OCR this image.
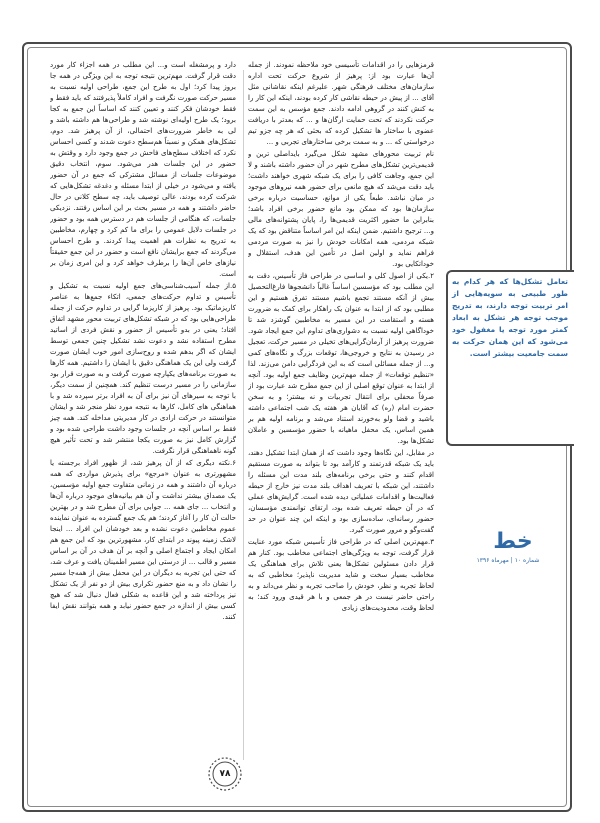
قرمزهایی را در اقدامات تأسیسی خود ملاحظه نمودند. از جمله آن‌ها عبارت بود از: پرهیز از شروع حرکت تحت اداره سازمان‌های مختلف فرهنگی شهر. علیرغم اینکه نقاشانی مثل آقای ... از پیش در حیطه نقاشی کار کرده بودند، اینکه این کار را به کنش کنند در گروهی ادامه دادند. جمع مؤسس به این سمت حرکت نکردند که تحت حمایت ارگان‌ها و ... که بعدتر با دریافت عضوی با ساختار ها تشکیل کرده که بحثی که هر چه جزو تیم درخواستی که ... و به سمت برخی ساختارهای تجربی و ...

نام تربیت محورهای مشهد شکل می‌گیرد بایداصلی ترین و قدیمی‌ترین تشکل‌های مطرح شهر در آن حضور داشته باشند و لا این جمع، وجاهت کافی را برای یک شبکه شهری خواهند داشت؛ باید دقت می‌شد که هیچ مانعی برای حضور همه نیروهای موجود در میان نباشد. طبعاً یکی از موانع، حساسیت درباره برخی سازمان‌ها بود که ممکن بود مانع حضور برخی افراد باشد؛ بنابراین ما حضور اکثریت قدیمی‌ها را، پایان پشتوانه‌های مالی و... ترجیح داشتیم. ضمن اینکه این امر اساساً متناقض بود که یک شبکه مردمی، همه امکانات خودش را نیز به صورت مردمی فراهم نماید و اولین اصل در تأمین این هدف، استقلال و خوداتکایی بود.

۲.یکی از اصول کلی و اساسی در طراحی فاز تأسیس، دقت به این مطلب بود که مؤسسین اساساً غالباً دانشجوها فارغ‌التحصیل بیش از آنکه مستند تجمع باشیم مستند تفرق هستیم و این مطلبی بود که از ابتدا به عنوان یک راهکار برای کمک به ضرورت هسته و استقامت در این مسیر به مخاطبین گوشزد شد تا خوداگاهی اولیه نسبت به دشواری‌های تداوم این جمع ایجاد شود. ضرورت پرهیز از آرمان‌گرایی‌های تخیلی در مسیر حرکت، تعجیل در رسیدن به نتایج و خروجی‌ها، توقعات بزرگ و نگاه‌های کمی و... از جمله مسائلی است که به این فردگرایی دامن می‌زند. لذا «تنظیم توقعات» از جمله مهم‌ترین وظایف جمع اولیه بود. آنچه از ابتدا به عنوان توقع اصلی از این جمع مطرح شد عبارت بود از صرفاً محفلی برای انتقال تجربیات و نه بیشتر؛ و به سخن حضرت امام (ره) که آقایان هر هفته یک شب اجتماعی داشته باشید و قضا ولو به‌خورند استناد می‌شد و برنامه اولیه هم بر همین اساس، یک محفل ماهیانه با حضور مؤسسین و عاملان تشکل‌ها بود.

در مقابل، این نگاه‌ها وجود داشت که از همان ابتدا تشکیل دهند، باید یک شبکه قدرتمند و کارآمد بود تا بتواند به صورت مستقیم اقدام کنند و حتی برخی برنامه‌های بلند مدت این مسئله را داشتند، این شبکه با تعریف اهداف بلند مدت نیز خارج از حیطه فعالیت‌ها و اقدامات عملیاتی دیده شده است. گرایش‌های عملی که در آن حیطه تعریف شده بود، ارتقای توانمندی مؤسسان، حضور رسانه‌ای، ساده‌سازی بود و اینکه این چند عنوان در حد گفت‌وگو و مرور صورت گیرد.

۳.مهم‌ترین اصلی که در طراحی فاز تأسیس شبکه مورد عنایت قرار گرفت، توجه به ویژگی‌های اجتماعی مخاطب بود. کنار هم قرار دادن مسئولین تشکل‌ها یعنی تلاش برای هماهنگی یک مخاطب بسیار سخت و شاید مدیریت ناپذیر؛ مخاطبی که به لحاظ تجربه و نظر، خودش را صاحب تجربه و نظر می‌داند و به راحتی حاضر نیست در هر جمعی و با هر قیدی ورود کند؛ به لحاظ وقت، محدودیت‌های زیادی

دارد و پرمشغله است و... این مطلب در همه اجزاء کار مورد دقت قرار گرفت. مهم‌ترین نتیجه توجه به این ویژگی در همه جا بروز پیدا کرد؛ اول به طرح این جمع، طراحی اولیه نسبت به مسیر حرکت صورت نگرفت و افراد کاملاً پذیرفتند که باید فقط و فقط خودشان فکر کنند و تعیین کنند که اساساً این جمع به کجا برود؛ یک طرح اولیه‌ای نوشته شد و طراحی‌ها هم داشته باشد و لی به خاطر ضرورت‌های احتمالی، از آن پرهیز شد. دوم، تشکل‌های همکن و نسبتاً هم‌سطح دعوت شدند و کسی احساس نکرد که اختلاف سطح‌های فاحش در جمع وجود دارد و وقتش به حضور در این جلسات هدر می‌شود. سوم، انتخاب دقیق موضوعات جلسات از مسائل مشترکی که جمع در آن حضور یافته و می‌شود در خیلی از ابتدا مسئله و دغدغه تشکل‌هایی که شرکت کرده بودند، عالی توصیف باید، چه سطح کلانی در حال حاضر داشتند و همه در مسیر بحث بر این اساس رفتند. نزدیکی جلسات، که هنگامی از جلسات هم در دسترس همه بود و حضور در جلسات دلایل عمومی را برای ما کم کرد و چهارم، مخاطبین به تدریج به نظرات هم اهمیت پیدا کردند. و طرح احساس می‌گردند که جمع برایشان نافع است و حضور در این جمع حقیقتاً نیازهای خاص آن‌ها را برطرف خواهد کرد و این امری زمان بر است.

۵.از جمله آسیب‌شناسی‌های جمع اولیه نسبت به تشکیل و تأسیس و تداوم حرکت‌های جمعی، اتکاء جمع‌ها به عناصر کاریزماتیک بود. پرهیز از کاریزما گرایی در تداوم حرکت از جمله طراحی‌هایی بود که در شبکه تشکل‌های تربیت محور مشهد اتفاق افتاد؛ یعنی در بدو تأسیس از حضور و نقش فردی از اساتید مطرح استفاده نشد و دعوت نشد تشکیل چنین جمعی توسط ایشان که اگر بدهم شده و روح‌سازی امور خوب ایشان صورت گرفت ولی این یک هماهنگی دقیق با ایشان را داشتیم. همه کارها به صورت برنامه‌های یکپارچه صورت گرفت و به صورت قرار بود سازمانی را در مسیر درست تنظیم کند. همچنین از سمت دیگر، با توجه به سیرهای آن نیز برای آن به افراد برتر سپرده شد و با هماهنگی های کامل، کارها به نتیجه مورد نظر منجر شد و ایشان متوانستند در حرکت ارادی در کار مدیریتی مداخله کند. همه چیز فقط بر اساس آنچه در جلسات وجود داشت طراحی شده بود و گزارش کامل نیز به صورت یکجا منتشر شد و تحت تأثیر هیچ گونه ناهماهنگی قرار نگرفت.

۶.نکته دیگری که از آن پرهیز شد، از ظهور افراد برجسته یا مشهورتری به عنوان «مرجع» برای پذیرش مواردی که همه درباره آن داشتند و همه در زمانی متفاوت جمع اولیه مؤسسین، یک مصداق بیشتر نداشت و آن هم بیانیه‌های موجود درباره آن‌ها و انتخاب ... جای همه ... جوابی برای آن مطرح شد و در بهترین حالت آن کار را آغاز کردند؛ هم یک جمع گسترده به عنوان نماینده عموم مخاطبین دعوت نشده و بعد خودشان این افراد ... اینجا لاشک زمینه پیوند در ابتدای کار، مشهورترین بود که این جمع هم امکان ایجاد و اجتماع اصلی و آنچه بر آن هدف در آن بر اساس مسیر و قالب ... از درستی این مسیر اطمینان یافت و عرف شد، که حتی این تجربه به دیگران در این محفل بیش از همه‌جا مسیر را نشان داد و به منع حضور تکراری بیش از دو نفر از یک تشکل نیز پرداخته شد و این قاعده به شکلی فعال دنبال شد که هیچ کسی بیش از اندازه در جمع حضور نیابد و همه بتوانند نقش ایفا کنند.

تعامل تشکل‌ها که هر کدام به طور طبیعی به سویه‌هایی از امر تربیت توجه دارند، به تدریج موجب توجه هر تشکل به ابعاد کمتر مورد توجه یا مغفول خود می‌شود که این همان حرکت به سمت جامعیت بیشتر است.
خط
شماره ۱۰ | مهرماه ۱۳۹۶
۷۸
